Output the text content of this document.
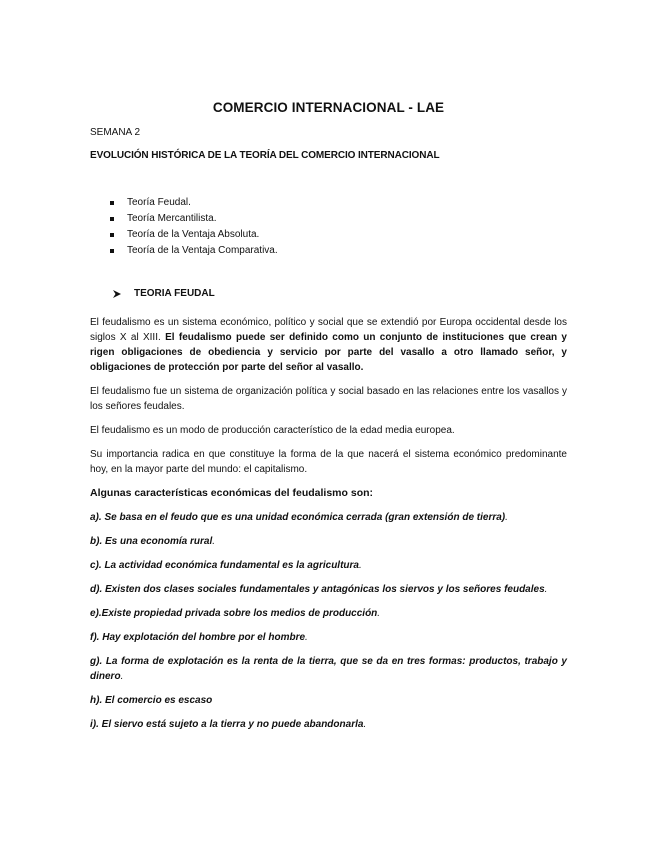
COMERCIO INTERNACIONAL - LAE
SEMANA 2
EVOLUCIÓN HISTÓRICA DE LA TEORÍA DEL COMERCIO INTERNACIONAL
Teoría Feudal.
Teoría Mercantilista.
Teoría de la Ventaja Absoluta.
Teoría de la Ventaja Comparativa.
TEORIA FEUDAL

El feudalismo es un sistema económico, político y social que se extendió por Europa occidental desde los siglos X al XIII. El feudalismo puede ser definido como un conjunto de instituciones que crean y rigen obligaciones de obediencia y servicio por parte del vasallo a otro llamado señor, y obligaciones de protección por parte del señor al vasallo.

El feudalismo fue un sistema de organización política y social basado en las relaciones entre los vasallos y los señores feudales.

El feudalismo es un modo de producción característico de la edad media europea.

Su importancia radica en que constituye la forma de la que nacerá el sistema económico predominante hoy, en la mayor parte del mundo: el capitalismo.

Algunas características económicas del feudalismo son:
a). Se basa en el feudo que es una unidad económica cerrada (gran extensión de tierra).
b). Es una economía rural.
c). La actividad económica fundamental es la agricultura.
d). Existen dos clases sociales fundamentales y antagónicas los siervos y los señores feudales.
e).Existe propiedad privada sobre los medios de producción.
f). Hay explotación del hombre por el hombre.
g). La forma de explotación es la renta de la tierra, que se da en tres formas: productos, trabajo y dinero.
h). El comercio es escaso
i). El siervo está sujeto a la tierra y no puede abandonarla.
